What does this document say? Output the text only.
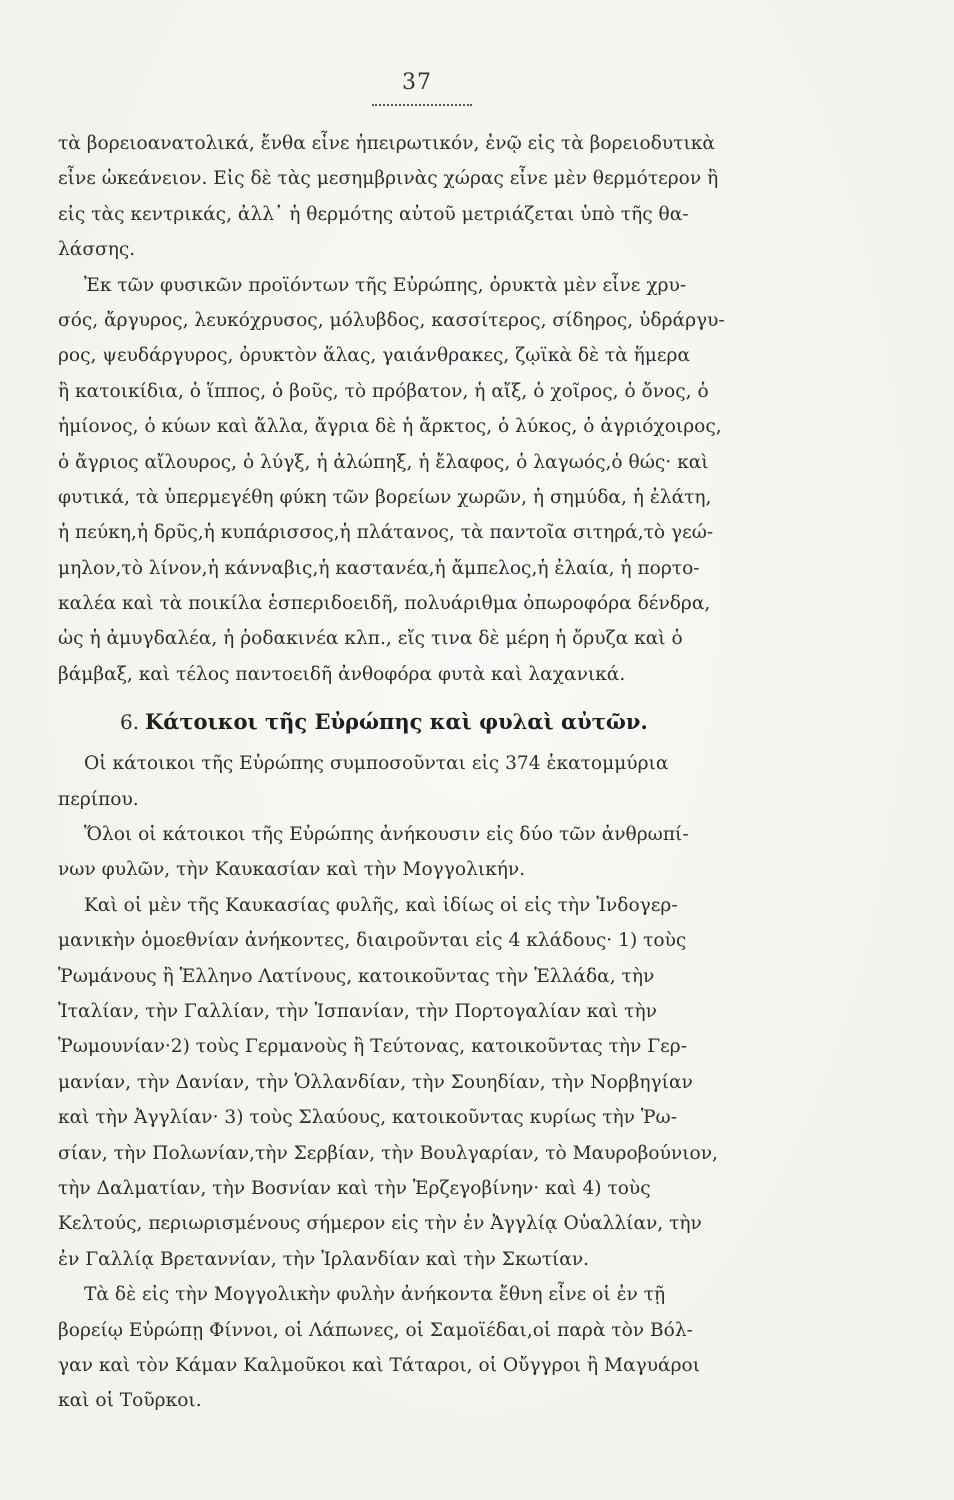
37
τὰ βορειοανατολικά, ἔνθα εἶνε ἠπειρωτικόν, ἐνῷ εἰς τὰ βορειοδυτικὰ
εἶνε ὠκεάνειον. Εἰς δὲ τὰς μεσημβρινὰς χώρας εἶνε μὲν θερμότερον ἢ
εἰς τὰς κεντρικάς, ἀλλ᾽ ἡ θερμότης αὐτοῦ μετριάζεται ὑπὸ τῆς θα-
λάσσης.
Ἐκ τῶν φυσικῶν προϊόντων τῆς Εὐρώπης, ὀρυκτὰ μὲν εἶνε χρυ-
σός, ἄργυρος, λευκόχρυσος, μόλυβδος, κασσίτερος, σίδηρος, ὑδράργυ-
ρος, ψευδάργυρος, ὀρυκτὸν ἅλας, γαιάνθρακες, ζῳϊκὰ δὲ τὰ ἥμερα
ἢ κατοικίδια, ὁ ἵππος, ὁ βοῦς, τὸ πρόβατον, ἡ αἴξ, ὁ χοῖρος, ὁ ὄνος, ὁ
ἡμίονος, ὁ κύων καὶ ἄλλα, ἄγρια δὲ ἡ ἄρκτος, ὁ λύκος, ὁ ἀγριόχοιρος,
ὁ ἄγριος αἴλουρος, ὁ λύγξ, ἡ ἀλώπηξ, ἡ ἔλαφος, ὁ λαγωός,ὁ θώς· καὶ
φυτικά, τὰ ὑπερμεγέθη φύκη τῶν βορείων χωρῶν, ἡ σημύδα, ἡ ἐλάτη,
ἡ πεύκη,ἡ δρῦς,ἡ κυπάρισσος,ἡ πλάτανος, τὰ παντοῖα σιτηρά,τὸ γεώ-
μηλον,τὸ λίνον,ἡ κάνναβις,ἡ καστανέα,ἡ ἄμπελος,ἡ ἐλαία, ἡ πορτο-
καλέα καὶ τὰ ποικίλα ἑσπεριδοειδῆ, πολυάριθμα ὀπωροφόρα δένδρα,
ὡς ἡ ἀμυγδαλέα, ἡ ῥοδακινέα κλπ., εἴς τινα δὲ μέρη ἡ ὄρυζα καὶ ὁ
βάμβαξ, καὶ τέλος παντοειδῆ ἀνθοφόρα φυτὰ καὶ λαχανικά.
6. Κάτοικοι τῆς Εὐρώπης καὶ φυλαὶ αὐτῶν.
Οἱ κάτοικοι τῆς Εὐρώπης συμποσοῦνται εἰς 374 ἑκατομμύρια
περίπου.
Ὅλοι οἱ κάτοικοι τῆς Εὐρώπης ἀνήκουσιν εἰς δύο τῶν ἀνθρωπί-
νων φυλῶν, τὴν Καυκασίαν καὶ τὴν Μογγολικήν.
Καὶ οἱ μὲν τῆς Καυκασίας φυλῆς, καὶ ἰδίως οἱ εἰς τὴν Ἰνδογερ-
μανικὴν ὁμοεθνίαν ἀνήκοντες, διαιροῦνται εἰς 4 κλάδους· 1) τοὺς
Ῥωμάνους ἢ Ἑλληνο Λατίνους, κατοικοῦντας τὴν Ἑλλάδα, τὴν
Ἰταλίαν, τὴν Γαλλίαν, τὴν Ἱσπανίαν, τὴν Πορτογαλίαν καὶ τὴν
Ῥωμουνίαν·2) τοὺς Γερμανοὺς ἢ Τεύτονας, κατοικοῦντας τὴν Γερ-
μανίαν, τὴν Δανίαν, τὴν Ὁλλανδίαν, τὴν Σουηδίαν, τὴν Νορβηγίαν
καὶ τὴν Ἀγγλίαν· 3) τοὺς Σλαύους, κατοικοῦντας κυρίως τὴν Ῥω-
σίαν, τὴν Πολωνίαν,τὴν Σερβίαν, τὴν Βουλγαρίαν, τὸ Μαυροβούνιον,
τὴν Δαλματίαν, τὴν Βοσνίαν καὶ τὴν Ἑρζεγοβίνην· καὶ 4) τοὺς
Κελτούς, περιωρισμένους σήμερον εἰς τὴν ἐν Ἀγγλίᾳ Οὐαλλίαν, τὴν
ἐν Γαλλίᾳ Βρεταννίαν, τὴν Ἰρλανδίαν καὶ τὴν Σκωτίαν.
Τὰ δὲ εἰς τὴν Μογγολικὴν φυλὴν ἀνήκοντα ἔθνη εἶνε οἱ ἐν τῇ
βορείῳ Εὐρώπῃ Φίννοι, οἱ Λάπωνες, οἱ Σαμοϊέδαι,οἱ παρὰ τὸν Βόλ-
γαν καὶ τὸν Κάμαν Καλμοῦκοι καὶ Τάταροι, οἱ Οὔγγροι ἢ Μαγυάροι
καὶ οἱ Τοῦρκοι.
